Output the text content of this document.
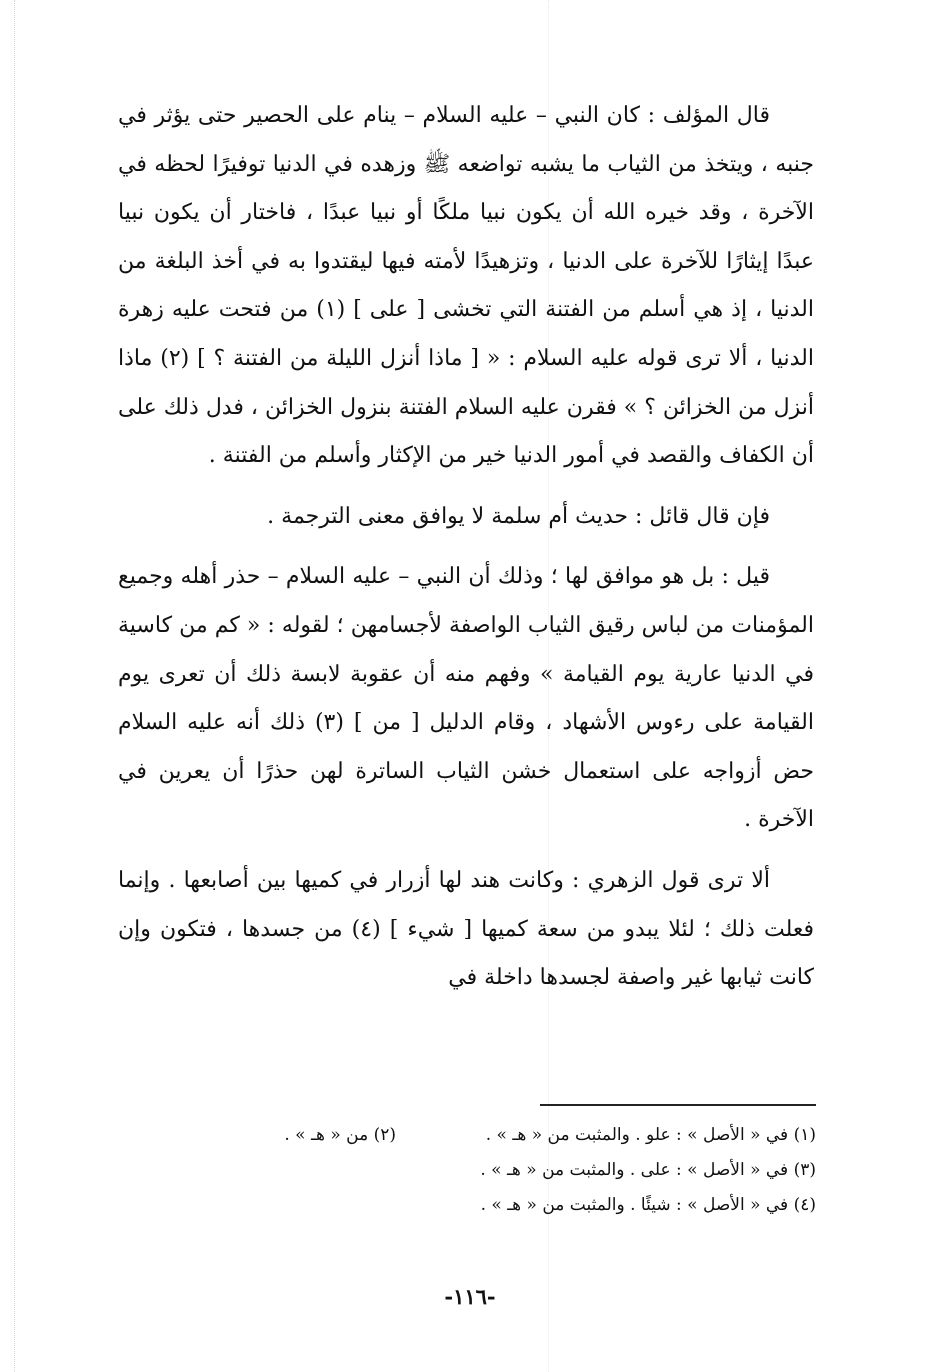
قال المؤلف : كان النبي – عليه السلام – ينام على الحصير حتى يؤثر في جنبه ، ويتخذ من الثياب ما يشبه تواضعه ﷺ وزهده في الدنيا توفيرًا لحظه في الآخرة ، وقد خيره الله أن يكون نبيا ملكًا أو نبيا عبدًا ، فاختار أن يكون نبيا عبدًا إيثارًا للآخرة على الدنيا ، وتزهيدًا لأمته فيها ليقتدوا به في أخذ البلغة من الدنيا ، إذ هي أسلم من الفتنة التي تخشى [ على ] (١) من فتحت عليه زهرة الدنيا ، ألا ترى قوله عليه السلام : « [ ماذا أنزل الليلة من الفتنة ؟ ] (٢) ماذا أنزل من الخزائن ؟ » فقرن عليه السلام الفتنة بنزول الخزائن ، فدل ذلك على أن الكفاف والقصد في أمور الدنيا خير من الإكثار وأسلم من الفتنة .

فإن قال قائل : حديث أم سلمة لا يوافق معنى الترجمة .

قيل : بل هو موافق لها ؛ وذلك أن النبي – عليه السلام – حذر أهله وجميع المؤمنات من لباس رقيق الثياب الواصفة لأجسامهن ؛ لقوله : « كم من كاسية في الدنيا عارية يوم القيامة » وفهم منه أن عقوبة لابسة ذلك أن تعرى يوم القيامة على رءوس الأشهاد ، وقام الدليل [ من ] (٣) ذلك أنه عليه السلام حض أزواجه على استعمال خشن الثياب الساترة لهن حذرًا أن يعرين في الآخرة .

ألا ترى قول الزهري : وكانت هند لها أزرار في كميها بين أصابعها . وإنما فعلت ذلك ؛ لئلا يبدو من سعة كميها [ شيء ] (٤) من جسدها ، فتكون وإن كانت ثيابها غير واصفة لجسدها داخلة في

(١) في « الأصل » : علو . والمثبت من « هـ » .
(٢) من « هـ » .
(٣) في « الأصل » : على . والمثبت من « هـ » .
(٤) في « الأصل » : شيئًا . والمثبت من « هـ » .
-١١٦-
